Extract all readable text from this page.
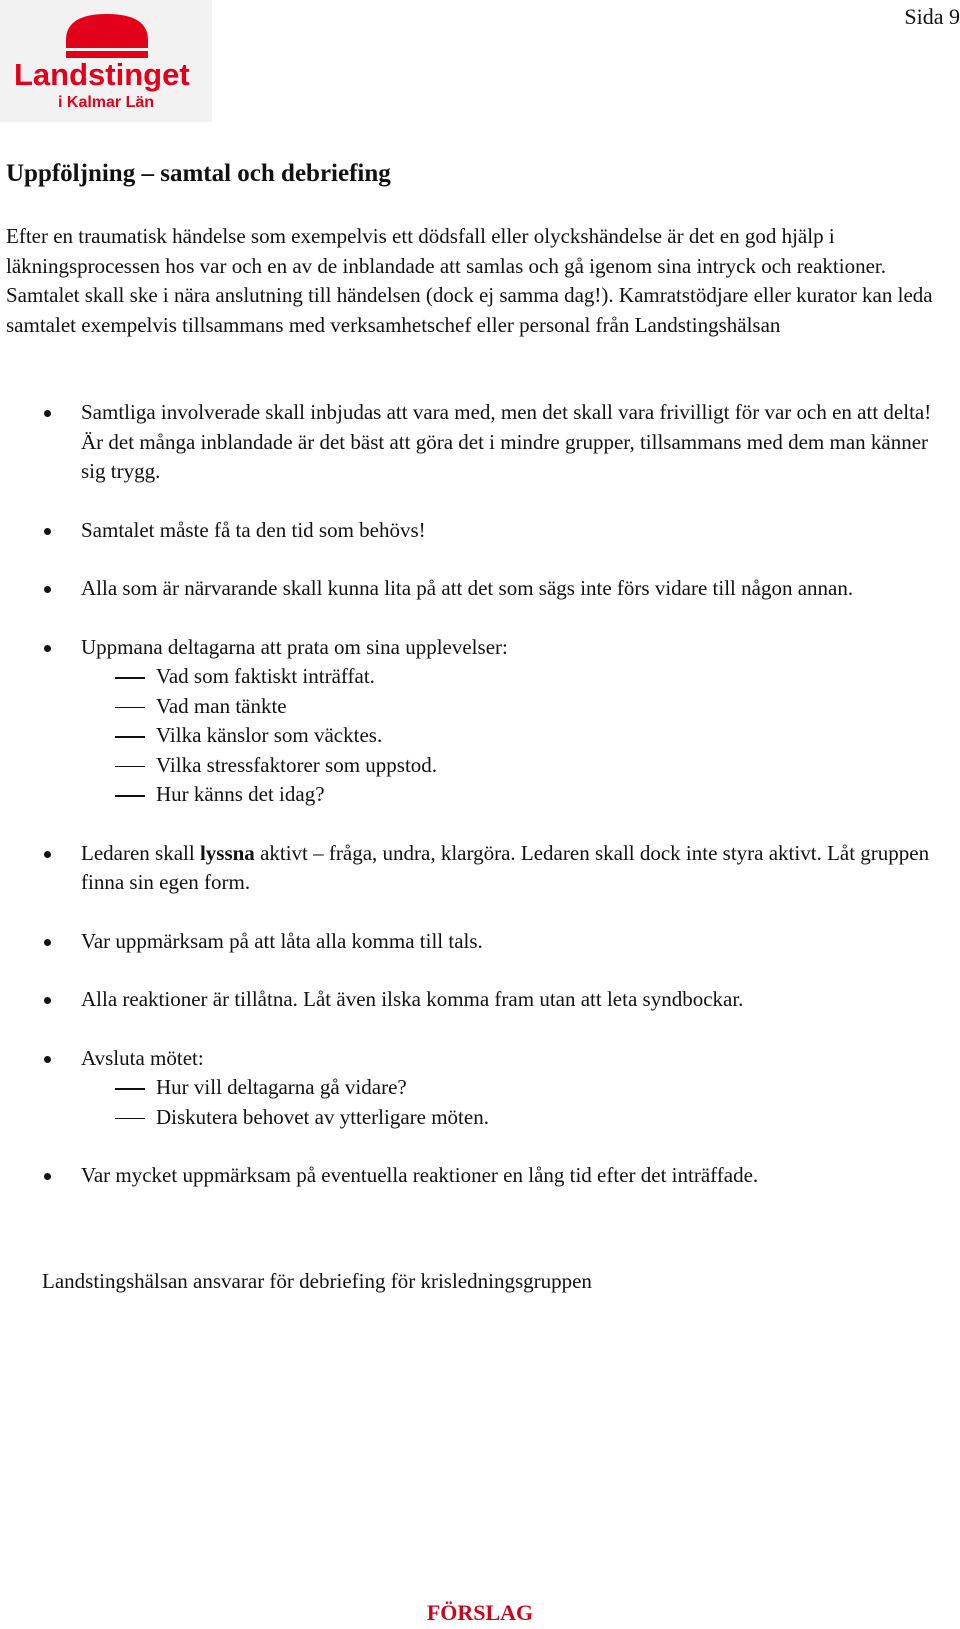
Sida 9
Landstinget
i Kalmar Län
Uppföljning – samtal och debriefing

Efter en traumatisk händelse som exempelvis ett dödsfall eller olyckshändelse är det en god hjälp i läkningsprocessen hos var och en av de inblandade att samlas och gå igenom sina intryck och reaktioner. Samtalet skall ske i nära anslutning till händelsen (dock ej samma dag!). Kamratstödjare eller kurator kan leda samtalet exempelvis tillsammans med verksamhetschef eller personal från Landstingshälsan

Samtliga involverade skall inbjudas att vara med, men det skall vara frivilligt för var och en att delta! Är det många inblandade är det bäst att göra det i mindre grupper, tillsammans med dem man känner sig trygg.
Samtalet måste få ta den tid som behövs!
Alla som är närvarande skall kunna lita på att det som sägs inte förs vidare till någon annan.
Uppmana deltagarna att prata om sina upplevelser:
Vad som faktiskt inträffat.
Vad man tänkte
Vilka känslor som väcktes.
Vilka stressfaktorer som uppstod.
Hur känns det idag?
Ledaren skall lyssna aktivt – fråga, undra, klargöra. Ledaren skall dock inte styra aktivt. Låt gruppen finna sin egen form.
Var uppmärksam på att låta alla komma till tals.
Alla reaktioner är tillåtna. Låt även ilska komma fram utan att leta syndbockar.
Avsluta mötet:
Hur vill deltagarna gå vidare?
Diskutera behovet av ytterligare möten.
Var mycket uppmärksam på eventuella reaktioner en lång tid efter det inträffade.

Landstingshälsan ansvarar för debriefing för krisledningsgruppen

FÖRSLAG
